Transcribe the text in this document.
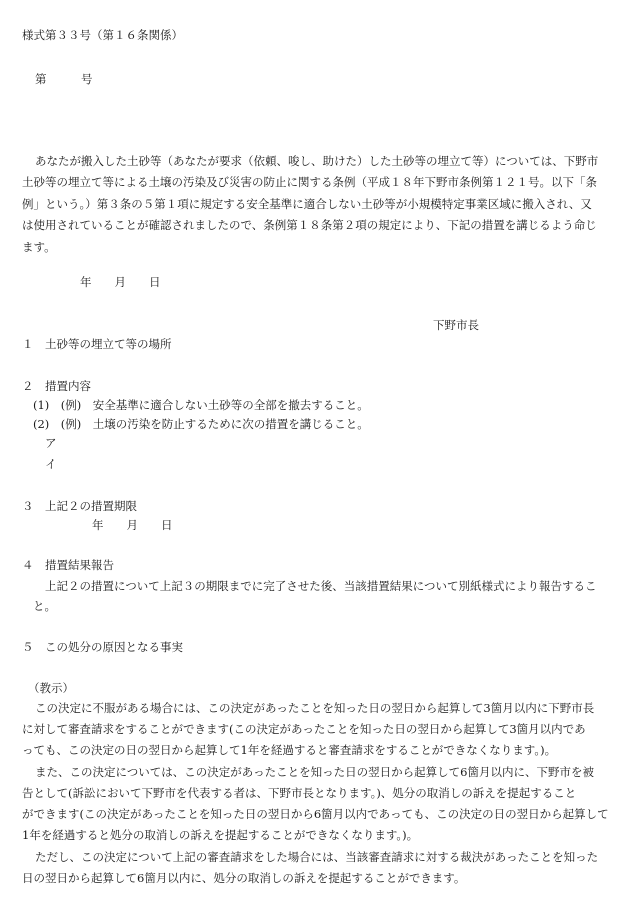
様式第３３号（第１６条関係）
第　　　号
あなたが搬入した土砂等（あなたが要求（依頼、唆し、助けた）した土砂等の埋立て等）については、下野市
土砂等の埋立て等による土壌の汚染及び災害の防止に関する条例（平成１８年下野市条例第１２１号。以下「条
例」という。）第３条の５第１項に規定する安全基準に適合しない土砂等が小規模特定事業区域に搬入され、又
は使用されていることが確認されましたので、条例第１８条第２項の規定により、下記の措置を講じるよう命じ
ます。
年　　月　　日
下野市長
１　土砂等の埋立て等の場所
２　措置内容
(1)　(例)　安全基準に適合しない土砂等の全部を撤去すること。
(2)　(例)　土壌の汚染を防止するために次の措置を講じること。
ア
イ
３　上記２の措置期限
年　　月　　日
４　措置結果報告
上記２の措置について上記３の期限までに完了させた後、当該措置結果について別紙様式により報告するこ
と。
５　この処分の原因となる事実
（教示）
この決定に不服がある場合には、この決定があったことを知った日の翌日から起算して3箇月以内に下野市長
に対して審査請求をすることができます(この決定があったことを知った日の翌日から起算して3箇月以内であ
っても、この決定の日の翌日から起算して1年を経過すると審査請求をすることができなくなります。)。
また、この決定については、この決定があったことを知った日の翌日から起算して6箇月以内に、下野市を被
告として(訴訟において下野市を代表する者は、下野市長となります。)、処分の取消しの訴えを提起すること
ができます(この決定があったことを知った日の翌日から6箇月以内であっても、この決定の日の翌日から起算して
1年を経過すると処分の取消しの訴えを提起することができなくなります。)。
ただし、この決定について上記の審査請求をした場合には、当該審査請求に対する裁決があったことを知った
日の翌日から起算して6箇月以内に、処分の取消しの訴えを提起することができます。
